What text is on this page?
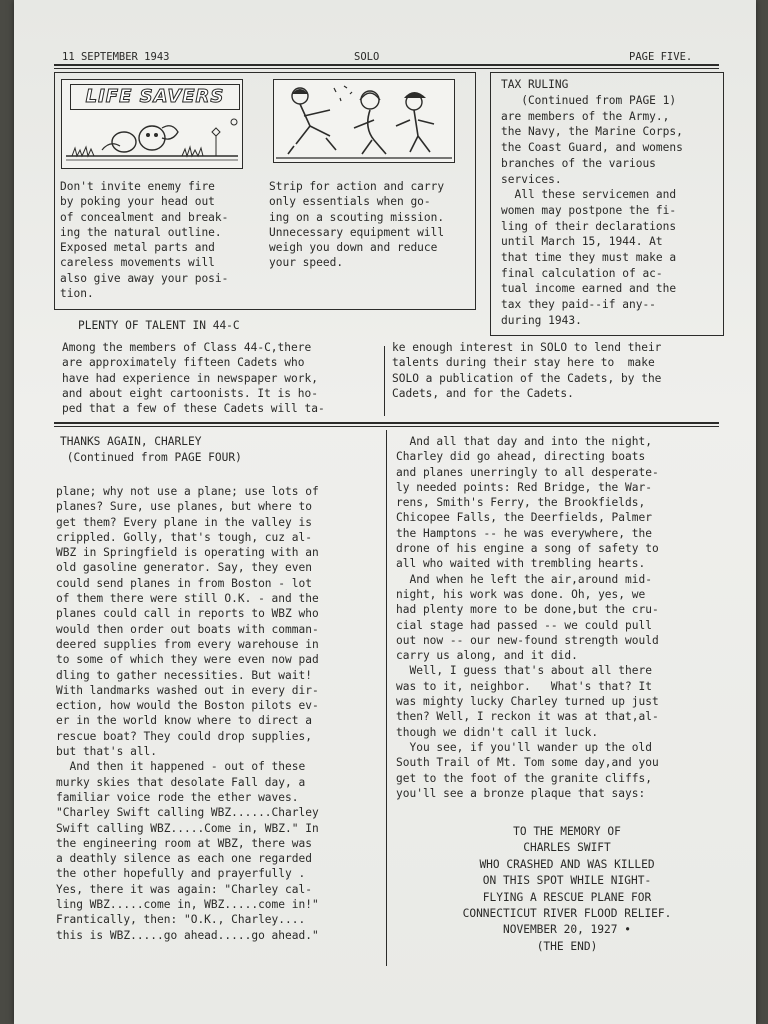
11 SEPTEMBER 1943	SOLO	PAGE FIVE.
LIFE SAVERS
Don't invite enemy fire
by poking your head out
of concealment and break-
ing the natural outline.
Exposed metal parts and
careless movements will
also give away your posi-
tion.
Strip for action and carry
only essentials when go-
ing on a scouting mission.
Unnecessary equipment will
weigh you down and reduce
your speed.
TAX RULING
(Continued from PAGE 1)
are members of the Army.,
the Navy, the Marine Corps,
the Coast Guard, and womens
branches of the various
services.
All these servicemen and
women may postpone the fi-
ling of their declarations
until March 15, 1944. At
that time they must make a
final calculation of ac-
tual income earned and the
tax they paid--if any--
during 1943.
PLENTY OF TALENT IN 44-C
Among the members of Class 44-C,there
are approximately fifteen Cadets who
have had experience in newspaper work,
and about eight cartoonists. It is ho-
ped that a few of these Cadets will ta-
ke enough interest in SOLO to lend their
talents during their stay here to  make
SOLO a publication of the Cadets, by the
Cadets, and for the Cadets.
THANKS AGAIN, CHARLEY
(Continued from PAGE FOUR)
plane; why not use a plane; use lots of
planes? Sure, use planes, but where to
get them? Every plane in the valley is
crippled. Golly, that's tough, cuz al-
WBZ in Springfield is operating with an
old gasoline generator. Say, they even
could send planes in from Boston - lot
of them there were still O.K. - and the
planes could call in reports to WBZ who
would then order out boats with comman-
deered supplies from every warehouse in
to some of which they were even now pad
dling to gather necessities. But wait!
With landmarks washed out in every dir-
ection, how would the Boston pilots ev-
er in the world know where to direct a
rescue boat? They could drop supplies,
but that's all.
And then it happened - out of these
murky skies that desolate Fall day, a
familiar voice rode the ether waves.
"Charley Swift calling WBZ......Charley
Swift calling WBZ.....Come in, WBZ." In
the engineering room at WBZ, there was
a deathly silence as each one regarded
the other hopefully and prayerfully .
Yes, there it was again: "Charley cal-
ling WBZ.....come in, WBZ.....come in!"
Frantically, then: "O.K., Charley....
this is WBZ.....go ahead.....go ahead."
And all that day and into the night,
Charley did go ahead, directing boats
and planes unerringly to all desperate-
ly needed points: Red Bridge, the War-
rens, Smith's Ferry, the Brookfields,
Chicopee Falls, the Deerfields, Palmer
the Hamptons -- he was everywhere, the
drone of his engine a song of safety to
all who waited with trembling hearts.
And when he left the air,around mid-
night, his work was done. Oh, yes, we
had plenty more to be done,but the cru-
cial stage had passed -- we could pull
out now -- our new-found strength would
carry us along, and it did.
Well, I guess that's about all there
was to it, neighbor.   What's that? It
was mighty lucky Charley turned up just
then? Well, I reckon it was at that,al-
though we didn't call it luck.
You see, if you'll wander up the old
South Trail of Mt. Tom some day,and you
get to the foot of the granite cliffs,
you'll see a bronze plaque that says:
TO THE MEMORY OF
CHARLES SWIFT
WHO CRASHED AND WAS KILLED
ON THIS SPOT WHILE NIGHT-
FLYING A RESCUE PLANE FOR
CONNECTICUT RIVER FLOOD RELIEF.
NOVEMBER 20, 1927 •
(THE END)
